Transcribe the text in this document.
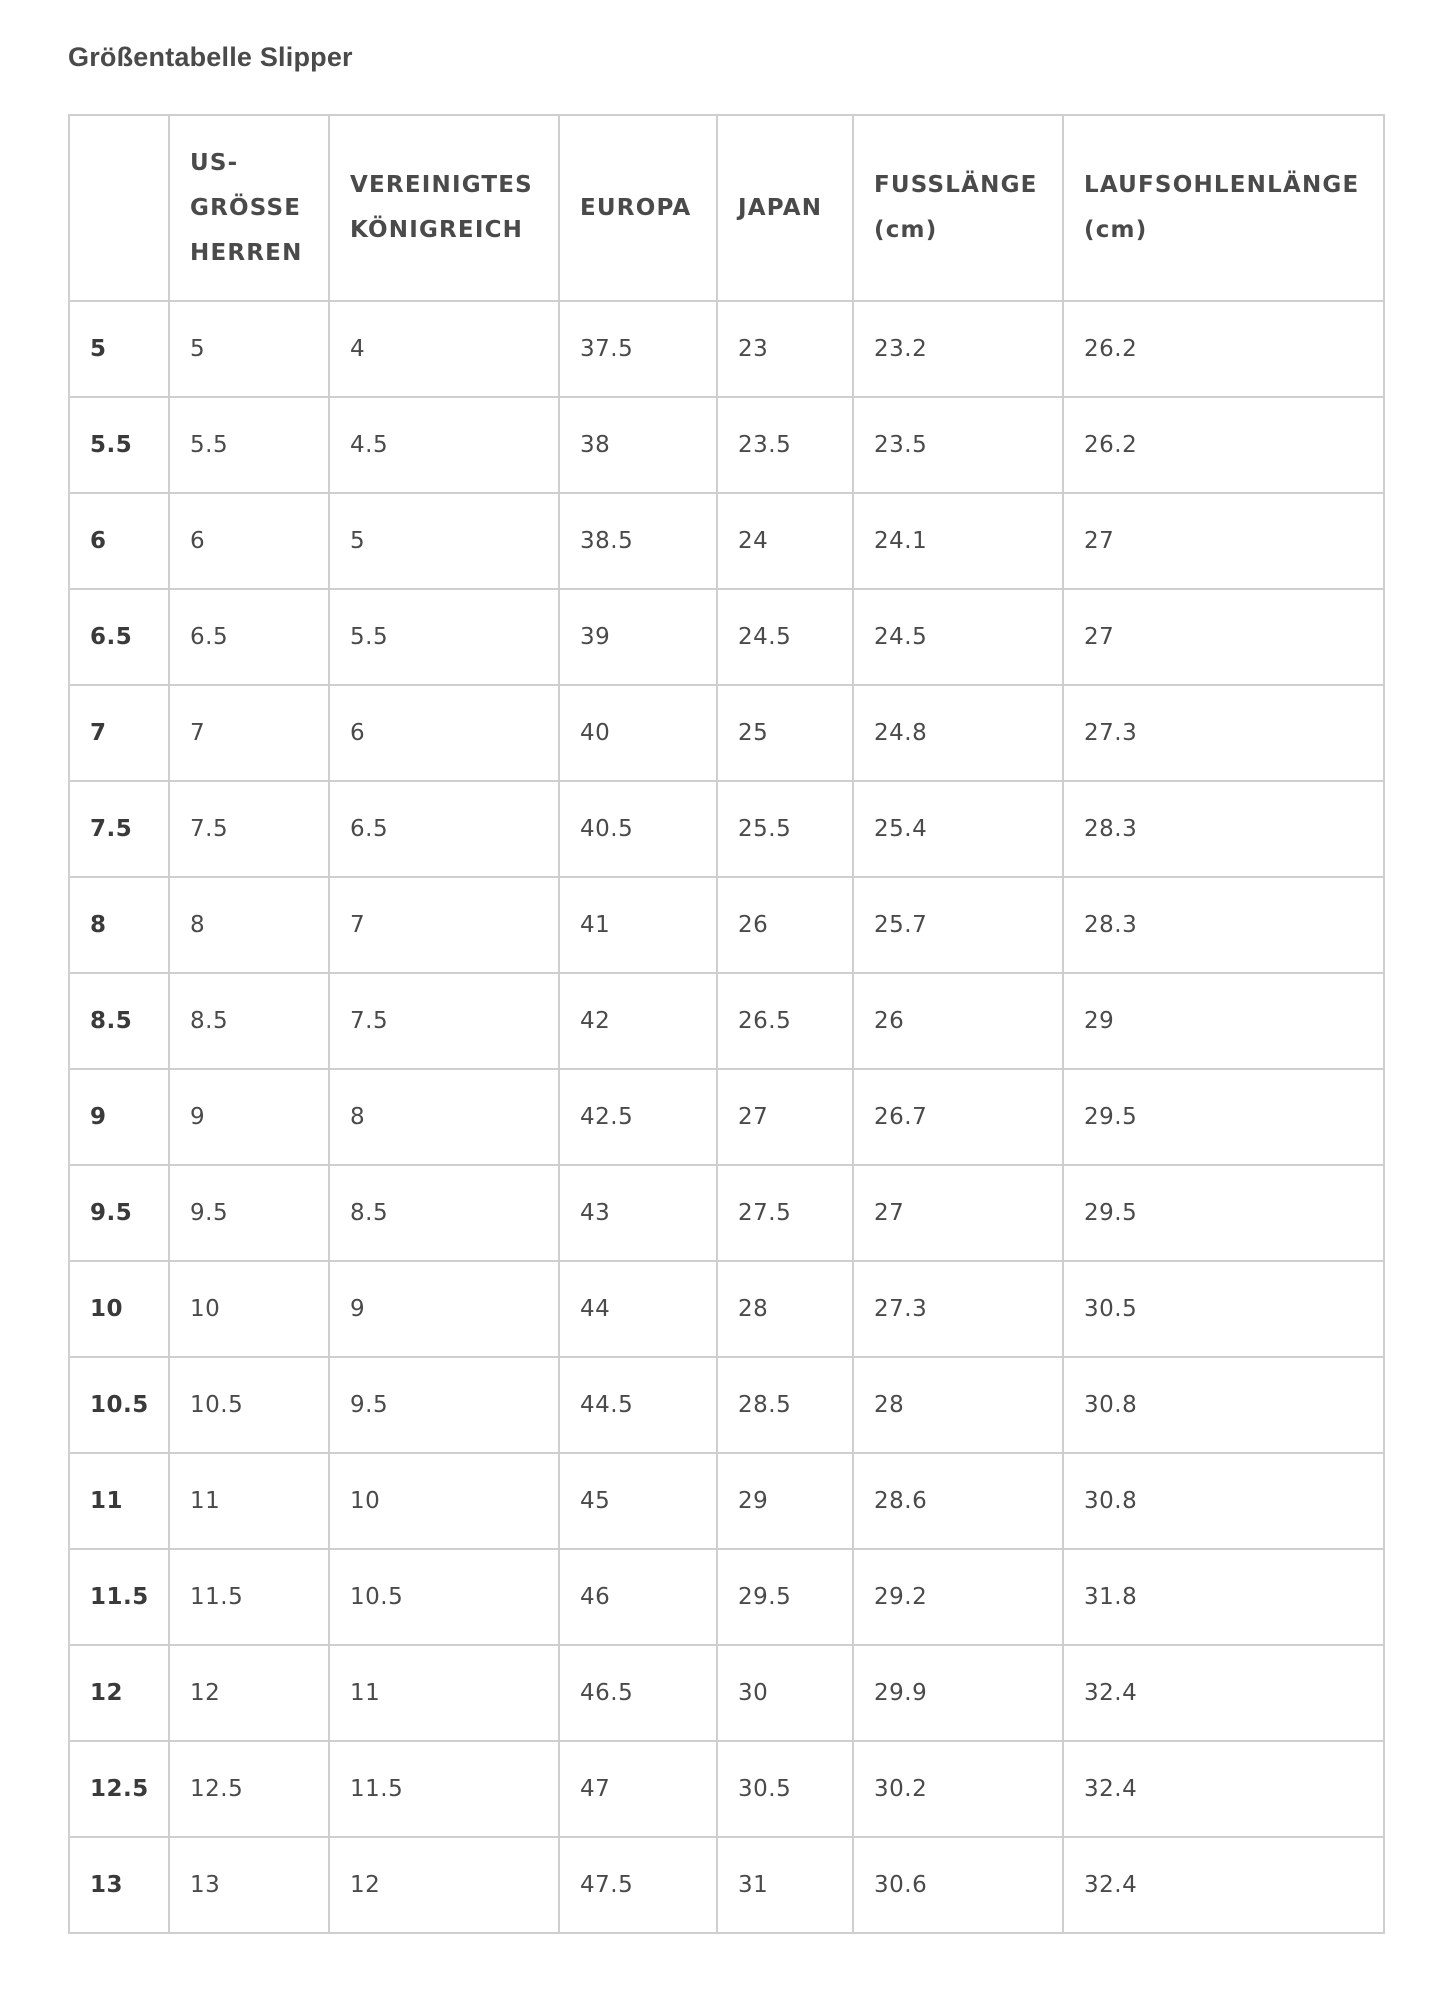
Größentabelle Slipper

	US-
GRÖSSE
HERREN	VEREINIGTES
KÖNIGREICH	EUROPA	JAPAN	FUSSLÄNGE
(cm)	LAUFSOHLENLÄNGE
(cm)

5	5	4	37.5	23	23.2	26.2
5.5	5.5	4.5	38	23.5	23.5	26.2
6	6	5	38.5	24	24.1	27
6.5	6.5	5.5	39	24.5	24.5	27
7	7	6	40	25	24.8	27.3
7.5	7.5	6.5	40.5	25.5	25.4	28.3
8	8	7	41	26	25.7	28.3
8.5	8.5	7.5	42	26.5	26	29
9	9	8	42.5	27	26.7	29.5
9.5	9.5	8.5	43	27.5	27	29.5
10	10	9	44	28	27.3	30.5
10.5	10.5	9.5	44.5	28.5	28	30.8
11	11	10	45	29	28.6	30.8
11.5	11.5	10.5	46	29.5	29.2	31.8
12	12	11	46.5	30	29.9	32.4
12.5	12.5	11.5	47	30.5	30.2	32.4
13	13	12	47.5	31	30.6	32.4
